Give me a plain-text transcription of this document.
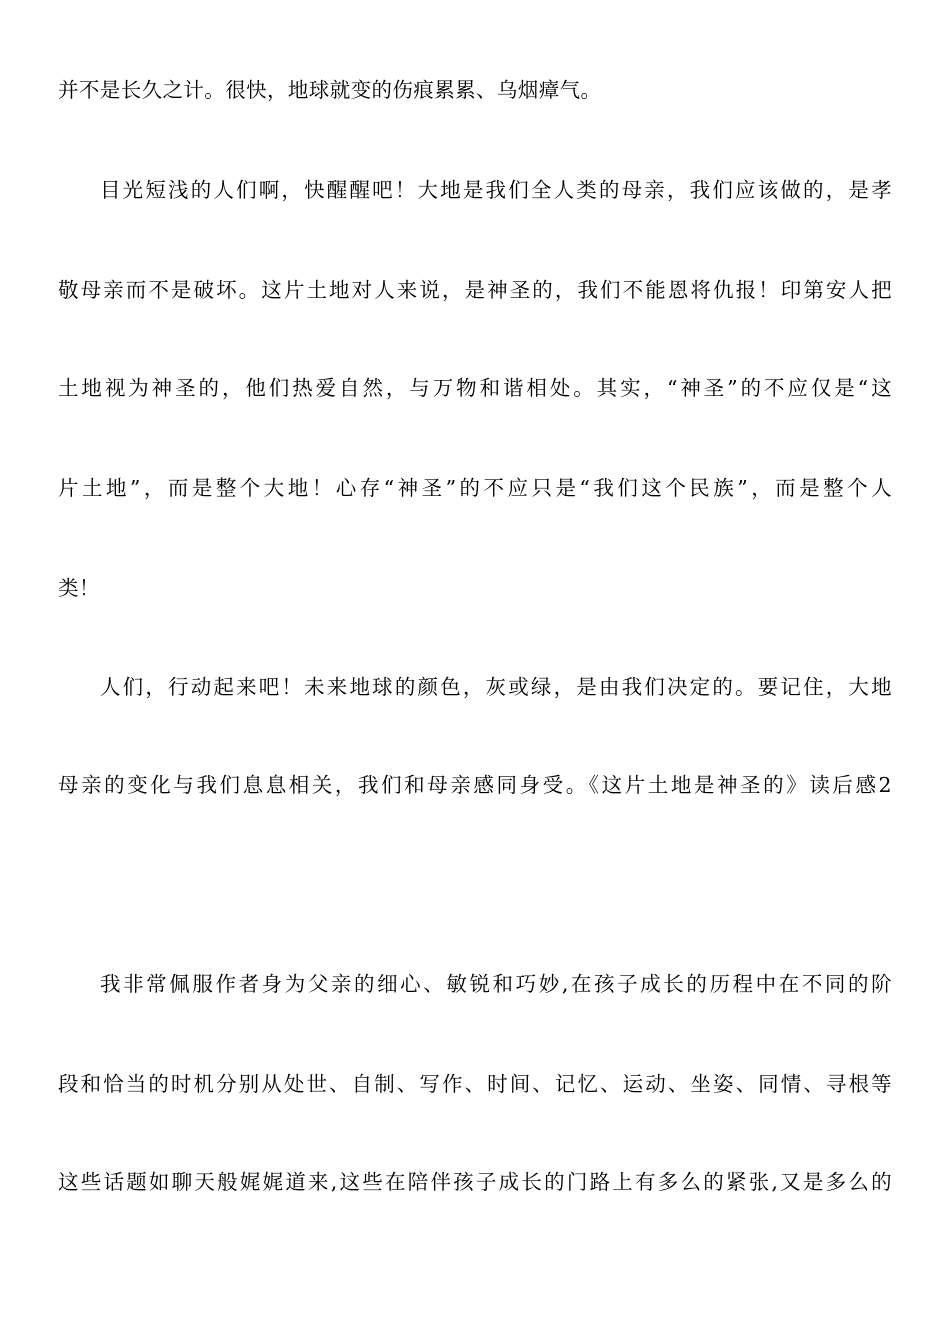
并不是长久之计。很快，地球就变的伤痕累累、乌烟瘴气。
目光短浅的人们啊，快醒醒吧！大地是我们全人类的母亲，我们应该做的，是孝
敬母亲而不是破坏。这片土地对人来说，是神圣的，我们不能恩将仇报！印第安人把
土地视为神圣的，他们热爱自然，与万物和谐相处。其实，“神圣”的不应仅是“这
片土地”，而是整个大地！心存“神圣”的不应只是“我们这个民族”，而是整个人
类！
人们，行动起来吧！未来地球的颜色，灰或绿，是由我们决定的。要记住，大地
母亲的变化与我们息息相关，我们和母亲感同身受。《这片土地是神圣的》读后感2
我非常佩服作者身为父亲的细心、敏锐和巧妙,在孩子成长的历程中在不同的阶
段和恰当的时机分别从处世、自制、写作、时间、记忆、运动、坐姿、同情、寻根等
这些话题如聊天般娓娓道来,这些在陪伴孩子成长的门路上有多么的紧张,又是多么的
